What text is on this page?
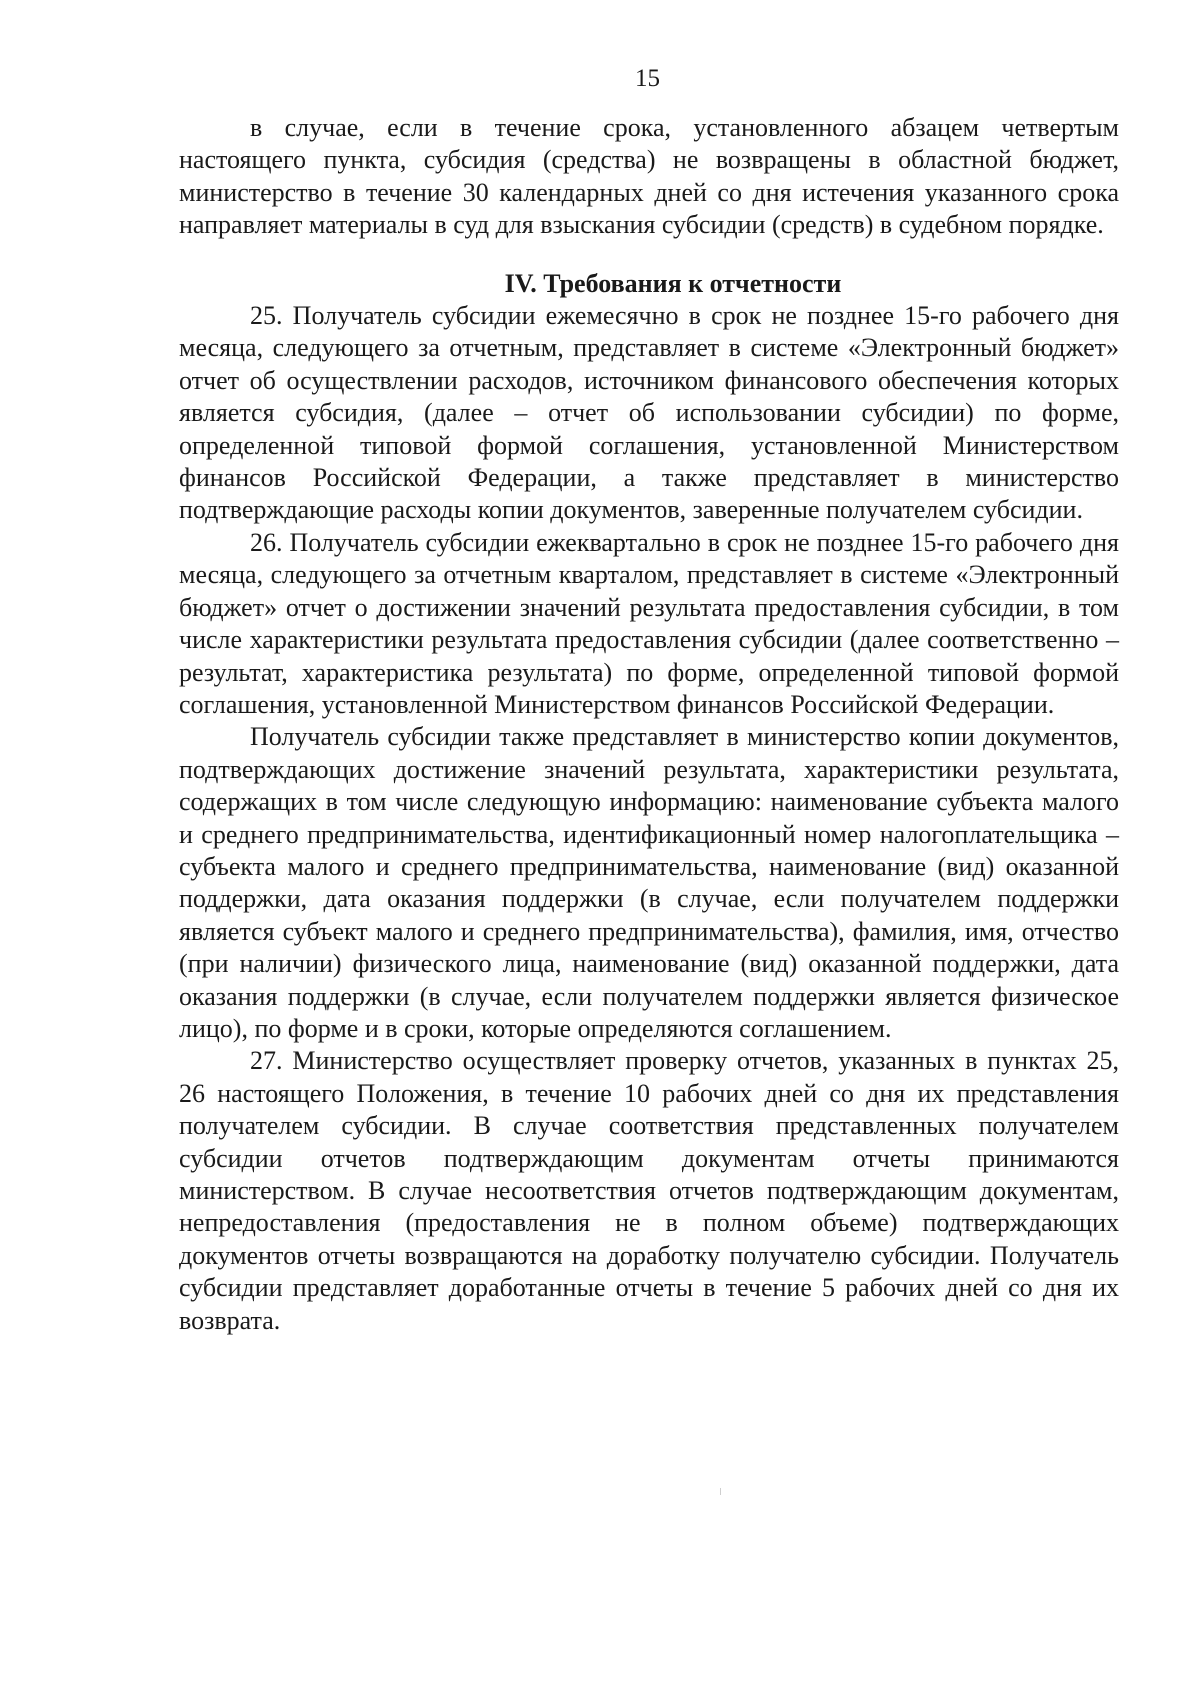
15

в случае, если в течение срока, установленного абзацем четвертым настоящего пункта, субсидия (средства) не возвращены в областной бюджет, министерство в течение 30 календарных дней со дня истечения указанного срока направляет материалы в суд для взыскания субсидии (средств) в судебном порядке.

IV. Требования к отчетности

25. Получатель субсидии ежемесячно в срок не позднее 15-го рабочего дня месяца, следующего за отчетным, представляет в системе «Электронный бюджет» отчет об осуществлении расходов, источником финансового обеспечения которых является субсидия, (далее – отчет об использовании субсидии) по форме, определенной типовой формой соглашения, установленной Министерством финансов Российской Федерации, а также представляет в министерство подтверждающие расходы копии документов, заверенные получателем субсидии.

26. Получатель субсидии ежеквартально в срок не позднее 15-го рабочего дня месяца, следующего за отчетным кварталом, представляет в системе «Электронный бюджет» отчет о достижении значений результата предоставления субсидии, в том числе характеристики результата предоставления субсидии (далее соответственно – результат, характеристика результата) по форме, определенной типовой формой соглашения, установленной Министерством финансов Российской Федерации.

Получатель субсидии также представляет в министерство копии документов, подтверждающих достижение значений результата, характеристики результата, содержащих в том числе следующую информацию: наименование субъекта малого и среднего предпринимательства, идентификационный номер налогоплательщика – субъекта малого и среднего предпринимательства, наименование (вид) оказанной поддержки, дата оказания поддержки (в случае, если получателем поддержки является субъект малого и среднего предпринимательства), фамилия, имя, отчество (при наличии) физического лица, наименование (вид) оказанной поддержки, дата оказания поддержки (в случае, если получателем поддержки является физическое лицо), по форме и в сроки, которые определяются соглашением.

27. Министерство осуществляет проверку отчетов, указанных в пунктах 25, 26 настоящего Положения, в течение 10 рабочих дней со дня их представления получателем субсидии. В случае соответствия представленных получателем субсидии отчетов подтверждающим документам отчеты принимаются министерством. В случае несоответствия отчетов подтверждающим документам, непредоставления (предоставления не в полном объеме) подтверждающих документов отчеты возвращаются на доработку получателю субсидии. Получатель субсидии представляет доработанные отчеты в течение 5 рабочих дней со дня их возврата.
